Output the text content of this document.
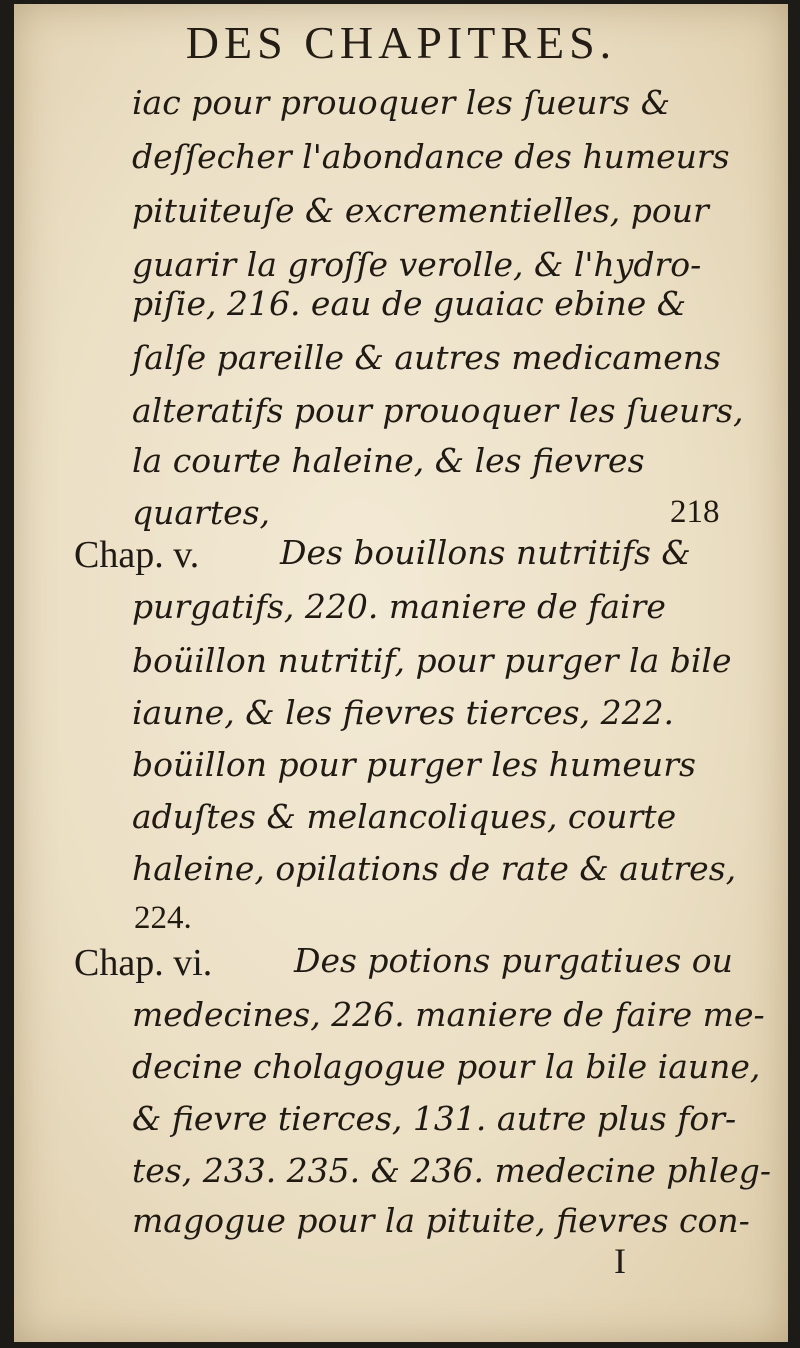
DES CHAPITRES.
iac pour prouoquer les ſueurs &
deſſecher l'abondance des humeurs
pituiteuſe & excrementielles, pour
guarir la groſſe verolle, & l'hydro-
piſie, 216. eau de guaiac ebine &
ſalſe pareille & autres medicamens
alteratifs pour prouoquer les ſueurs,
la courte haleine, & les fievres
quartes,	218
Chap. v. Des bouillons nutritifs &
purgatifs, 220. maniere de faire
boüillon nutritif, pour purger la bile
iaune, & les fievres tierces, 222.
boüillon pour purger les humeurs
aduſtes & melancoliques, courte
haleine, opilations de rate & autres,
224.
Chap. vi. Des potions purgatiues ou
medecines, 226. maniere de faire me-
decine cholagogue pour la bile iaune,
& fievre tierces, 131. autre plus for-
tes, 233. 235. & 236. medecine phleg-
magogue pour la pituite, fievres con-
I
